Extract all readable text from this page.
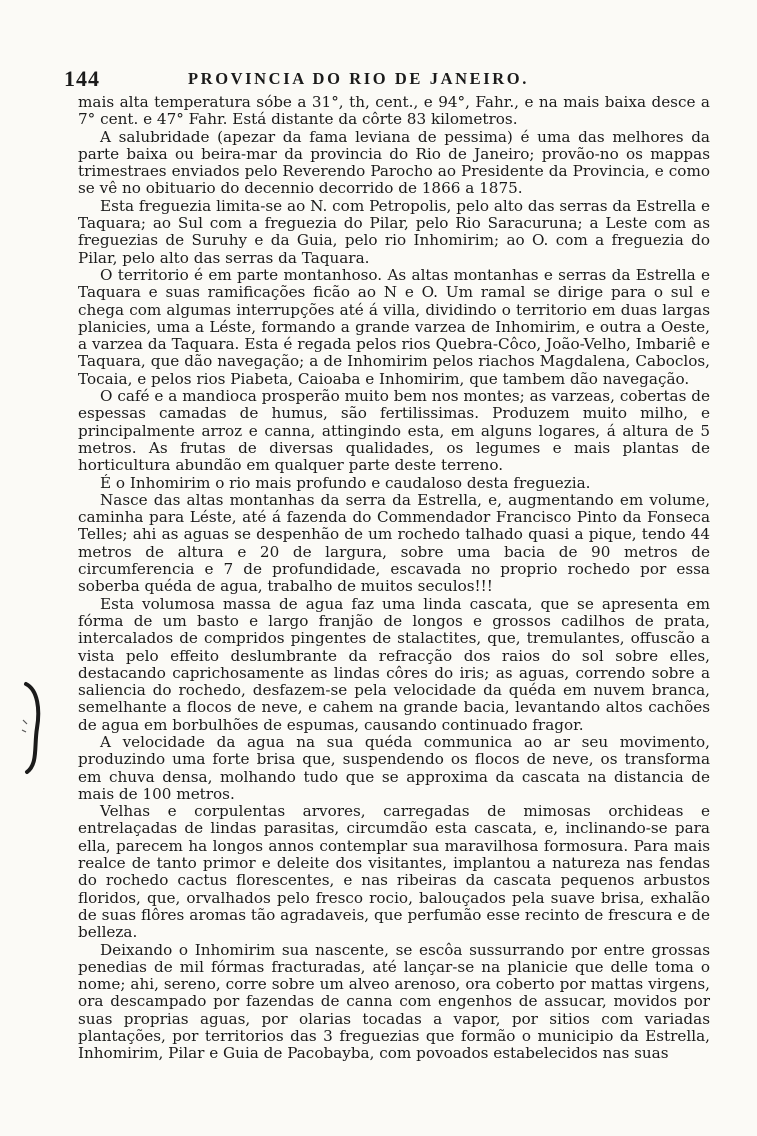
144	PROVINCIA DO RIO DE JANEIRO.

mais alta temperatura sóbe a 31°, th, cent., e 94°, Fahr., e na mais baixa desce a 7° cent. e 47° Fahr. Está distante da côrte 83 kilometros.

A salubridade (apezar da fama leviana de pessima) é uma das melhores da parte baixa ou beira-mar da provincia do Rio de Janeiro; provão-no os mappas trimestraes enviados pelo Reverendo Parocho ao Presidente da Provincia, e como se vê no obituario do decennio decorrido de 1866 a 1875.

Esta freguezia limita-se ao N. com Petropolis, pelo alto das serras da Estrella e Taquara; ao Sul com a freguezia do Pilar, pelo Rio Saracuruna; a Leste com as freguezias de Suruhy e da Guia, pelo rio Inhomirim; ao O. com a freguezia do Pilar, pelo alto das serras da Taquara.

O territorio é em parte montanhoso. As altas montanhas e serras da Estrella e Taquara e suas ramificações ficão ao N e O. Um ramal se dirige para o sul e chega com algumas interrupções até á villa, dividindo o territorio em duas largas planicies, uma a Léste, formando a grande varzea de Inhomirim, e outra a Oeste, a varzea da Taquara. Esta é regada pelos rios Quebra-Côco, João-Velho, Imbariê e Taquara, que dão navegação; a de Inhomirim pelos riachos Magdalena, Caboclos, Tocaia, e pelos rios Piabeta, Caioaba e Inhomirim, que tambem dão navegação.

O café e a mandioca prosperão muito bem nos montes; as varzeas, cobertas de espessas camadas de humus, são fertilissimas. Produzem muito milho, e principalmente arroz e canna, attingindo esta, em alguns logares, á altura de 5 metros. As frutas de diversas qualidades, os legumes e mais plantas de horticultura abundão em qualquer parte deste terreno.

É o Inhomirim o rio mais profundo e caudaloso desta freguezia.

Nasce das altas montanhas da serra da Estrella, e, augmentando em volume, caminha para Léste, até á fazenda do Commendador Francisco Pinto da Fonseca Telles; ahi as aguas se despenhão de um rochedo talhado quasi a pique, tendo 44 metros de altura e 20 de largura, sobre uma bacia de 90 metros de circumferencia e 7 de profundidade, escavada no proprio rochedo por essa soberba quéda de agua, trabalho de muitos seculos!!!

Esta volumosa massa de agua faz uma linda cascata, que se apresenta em fórma de um basto e largo franjão de longos e grossos cadilhos de prata, intercalados de compridos pingentes de stalactites, que, tremulantes, offuscão a vista pelo effeito deslumbrante da refracção dos raios do sol sobre elles, destacando caprichosamente as lindas côres do iris; as aguas, correndo sobre a saliencia do rochedo, desfazem-se pela velocidade da quéda em nuvem branca, semelhante a flocos de neve, e cahem na grande bacia, levantando altos cachões de agua em borbulhões de espumas, causando continuado fragor.

A velocidade da agua na sua quéda communica ao ar seu movimento, produzindo uma forte brisa que, suspendendo os flocos de neve, os transforma em chuva densa, molhando tudo que se approxima da cascata na distancia de mais de 100 metros.

Velhas e corpulentas arvores, carregadas de mimosas orchideas e entrelaçadas de lindas parasitas, circumdão esta cascata, e, inclinando-se para ella, parecem ha longos annos contemplar sua maravilhosa formosura. Para mais realce de tanto primor e deleite dos visitantes, implantou a natureza nas fendas do rochedo cactus florescentes, e nas ribeiras da cascata pequenos arbustos floridos, que, orvalhados pelo fresco rocio, balouçados pela suave brisa, exhalão de suas flôres aromas tão agradaveis, que perfumão esse recinto de frescura e de belleza.

Deixando o Inhomirim sua nascente, se escôa sussurrando por entre grossas penedias de mil fórmas fracturadas, até lançar-se na planicie que delle toma o nome; ahi, sereno, corre sobre um alveo arenoso, ora coberto por mattas virgens, ora descampado por fazendas de canna com engenhos de assucar, movidos por suas proprias aguas, por olarias tocadas a vapor, por sitios com variadas plantações, por territorios das 3 freguezias que formão o municipio da Estrella, Inhomirim, Pilar e Guia de Pacobayba, com povoados estabelecidos nas suas
